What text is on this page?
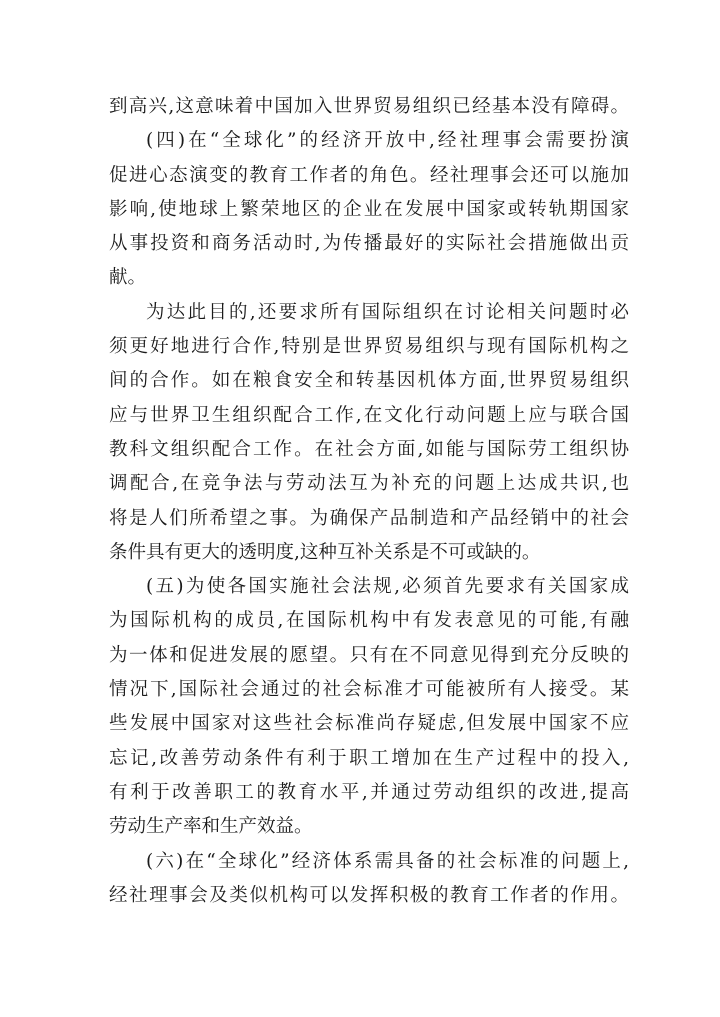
到高兴,这意味着中国加入世界贸易组织已经基本没有障碍。
(四)在“全球化”的经济开放中,经社理事会需要扮演
促进心态演变的教育工作者的角色。经社理事会还可以施加
影响,使地球上繁荣地区的企业在发展中国家或转轨期国家
从事投资和商务活动时,为传播最好的实际社会措施做出贡
献。
为达此目的,还要求所有国际组织在讨论相关问题时必
须更好地进行合作,特别是世界贸易组织与现有国际机构之
间的合作。如在粮食安全和转基因机体方面,世界贸易组织
应与世界卫生组织配合工作,在文化行动问题上应与联合国
教科文组织配合工作。在社会方面,如能与国际劳工组织协
调配合,在竞争法与劳动法互为补充的问题上达成共识,也
将是人们所希望之事。为确保产品制造和产品经销中的社会
条件具有更大的透明度,这种互补关系是不可或缺的。
(五)为使各国实施社会法规,必须首先要求有关国家成
为国际机构的成员,在国际机构中有发表意见的可能,有融
为一体和促进发展的愿望。只有在不同意见得到充分反映的
情况下,国际社会通过的社会标准才可能被所有人接受。某
些发展中国家对这些社会标准尚存疑虑,但发展中国家不应
忘记,改善劳动条件有利于职工增加在生产过程中的投入,
有利于改善职工的教育水平,并通过劳动组织的改进,提高
劳动生产率和生产效益。
(六)在“全球化”经济体系需具备的社会标准的问题上,
经社理事会及类似机构可以发挥积极的教育工作者的作用。
